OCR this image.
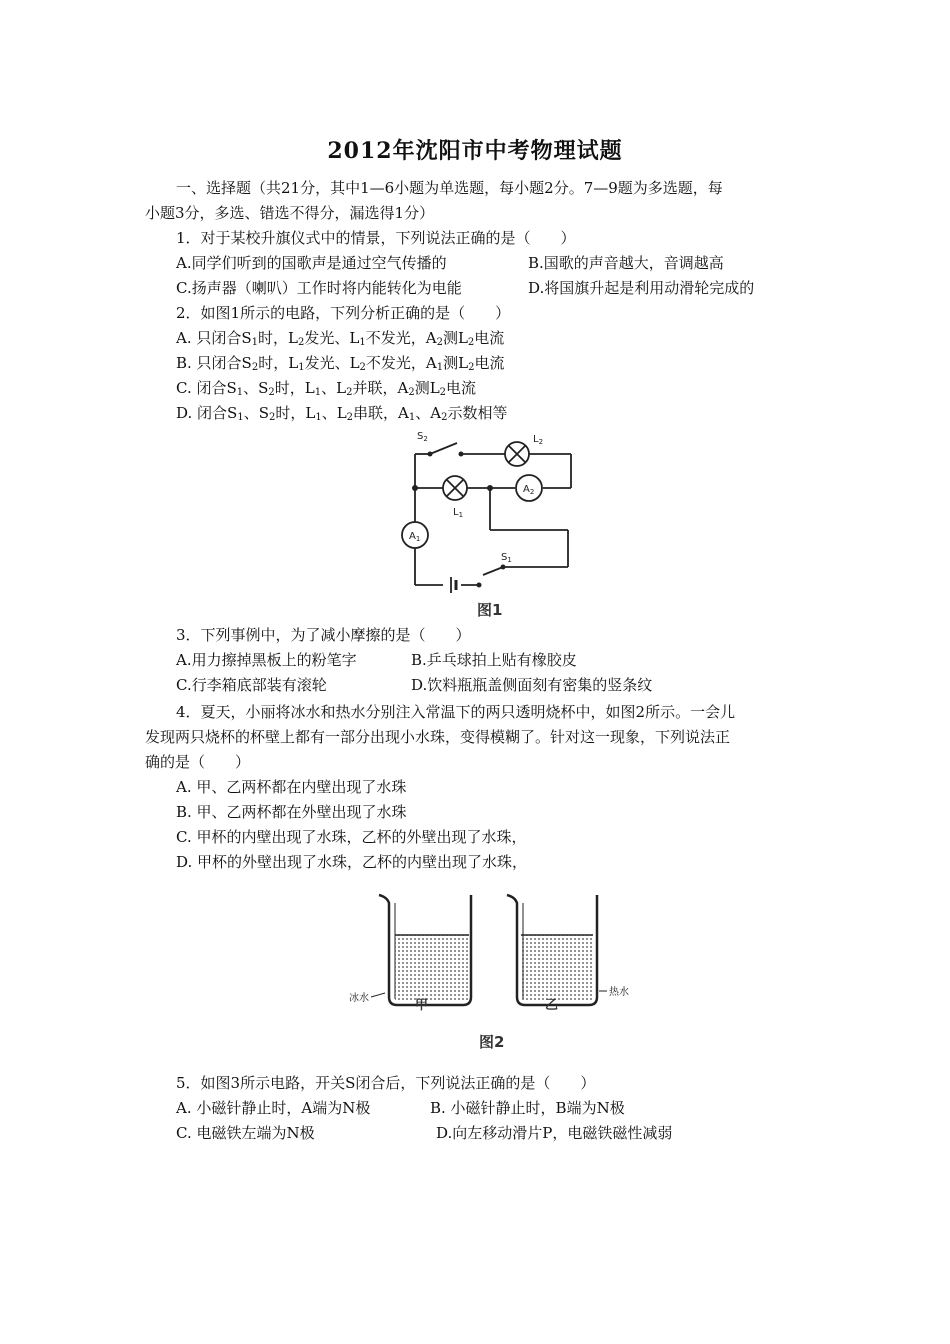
2012年沈阳市中考物理试题
一、选择题（共21分，其中1—6小题为单选题，每小题2分。7—9题为多选题，每
小题3分，多选、错选不得分，漏选得1分）
1．对于某校升旗仪式中的情景，下列说法正确的是（　　）
A.同学们听到的国歌声是通过空气传播的	B.国歌的声音越大，音调越高
C.扬声器（喇叭）工作时将内能转化为电能	D.将国旗升起是利用动滑轮完成的
2．如图1所示的电路，下列分析正确的是（　　）
A. 只闭合$S_1$时，$L_2$发光、$L_1$不发光，$A_2$测$L_2$电流
B. 只闭合$S_2$时，$L_1$发光、$L_2$不发光，$A_1$测$L_2$电流
C. 闭合$S_1$、$S_2$时，$L_1$、$L_2$并联，$A_2$测$L_2$电流
D. 闭合$S_1$、$S_2$时，$L_1$、$L_2$串联，$A_1$、$A_2$示数相等
$S_2$	$L_2$
$L_1$
$A_2$
$A_1$
$S_1$
图1
3．下列事例中，为了减小摩擦的是（　　）
A.用力擦掉黑板上的粉笔字	B.乒乓球拍上贴有橡胶皮
C.行李箱底部装有滚轮	D.饮料瓶瓶盖侧面刻有密集的竖条纹
4．夏天，小丽将冰水和热水分别注入常温下的两只透明烧杯中，如图2所示。一会儿
发现两只烧杯的杯壁上都有一部分出现小水珠，变得模糊了。针对这一现象，下列说法正
确的是（　　）
A. 甲、乙两杯都在内壁出现了水珠
B. 甲、乙两杯都在外壁出现了水珠
C. 甲杯的内壁出现了水珠，乙杯的外壁出现了水珠，
D. 甲杯的外壁出现了水珠，乙杯的内壁出现了水珠，
冰水	甲	乙
热水
图2
5．如图3所示电路，开关S闭合后，下列说法正确的是（　　）
A. 小磁针静止时，A端为N极	B. 小磁针静止时，B端为N极
C. 电磁铁左端为N极	D.向左移动滑片P，电磁铁磁性减弱
